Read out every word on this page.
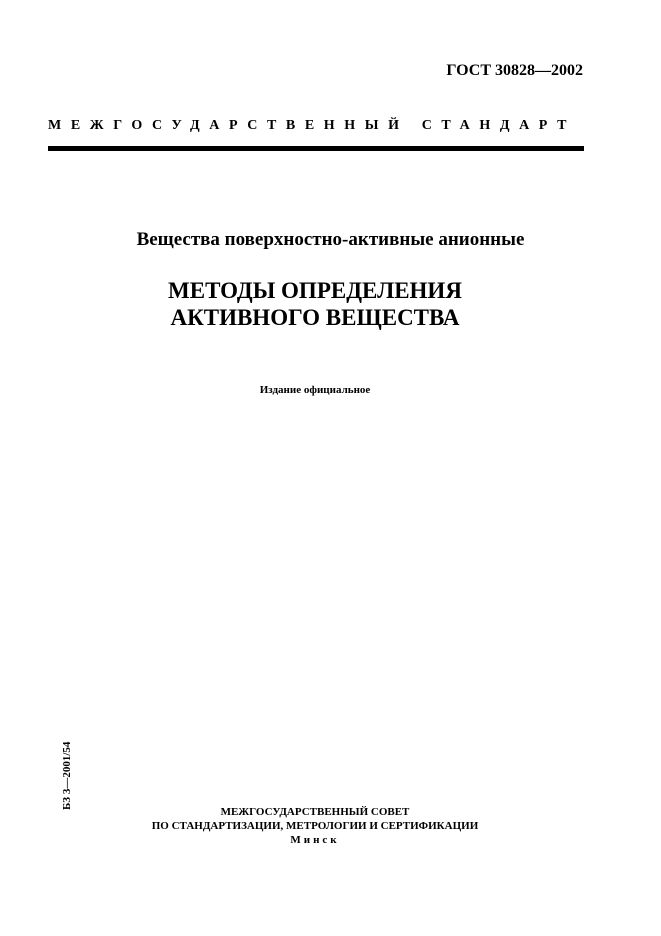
ГОСТ 30828—2002
МЕЖГОСУДАРСТВЕННЫЙ СТАНДАРТ
Вещества поверхностно-активные анионные
МЕТОДЫ ОПРЕДЕЛЕНИЯ
АКТИВНОГО ВЕЩЕСТВА
Издание официальное
БЗ 3—2001/54
МЕЖГОСУДАРСТВЕННЫЙ СОВЕТ
ПО СТАНДАРТИЗАЦИИ, МЕТРОЛОГИИ И СЕРТИФИКАЦИИ
Минск
